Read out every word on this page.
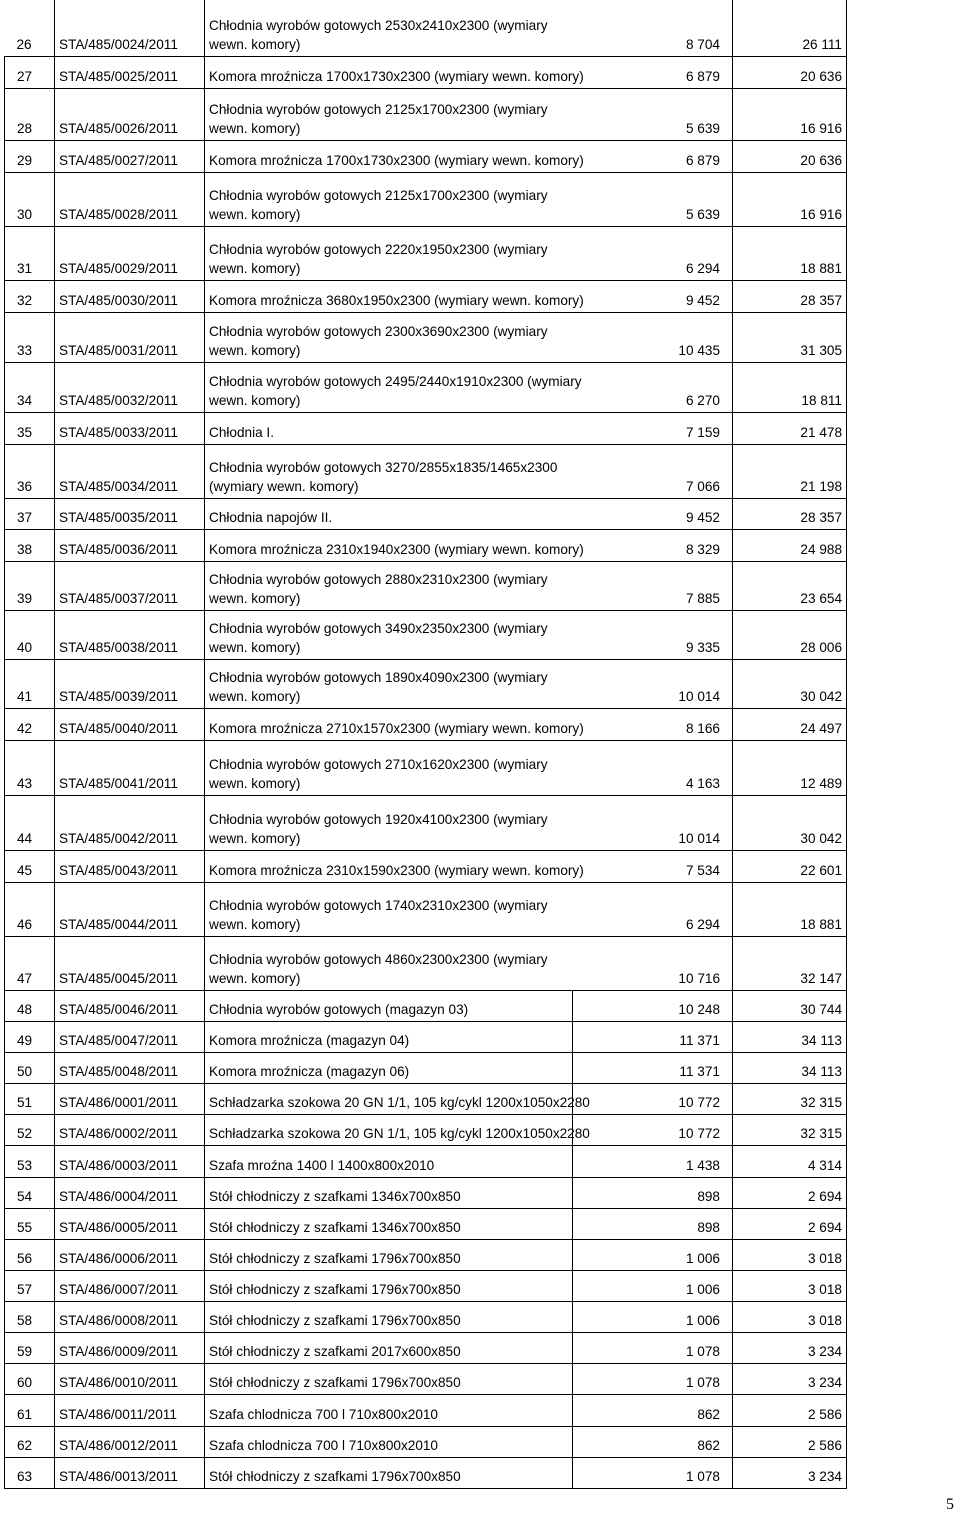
26	STA/485/0024/2011	Chłodnia wyrobów gotowych 2530x2410x2300 (wymiary wewn. komory) 8 704		26 111
27	STA/485/0025/2011	Komora mroźnicza 1700x1730x2300 (wymiary wewn. komory) 6 879		20 636
28	STA/485/0026/2011	Chłodnia wyrobów gotowych 2125x1700x2300 (wymiary wewn. komory) 5 639		16 916
29	STA/485/0027/2011	Komora mroźnicza 1700x1730x2300 (wymiary wewn. komory) 6 879		20 636
30	STA/485/0028/2011	Chłodnia wyrobów gotowych 2125x1700x2300 (wymiary wewn. komory) 5 639		16 916
31	STA/485/0029/2011	Chłodnia wyrobów gotowych 2220x1950x2300 (wymiary wewn. komory) 6 294		18 881
32	STA/485/0030/2011	Komora mroźnicza 3680x1950x2300 (wymiary wewn. komory) 9 452		28 357
33	STA/485/0031/2011	Chłodnia wyrobów gotowych 2300x3690x2300 (wymiary wewn. komory) 10 435		31 305
34	STA/485/0032/2011	Chłodnia wyrobów gotowych 2495/2440x1910x2300 (wymiary wewn. komory) 6 270		18 811
35	STA/485/0033/2011	Chłodnia I. 7 159		21 478
36	STA/485/0034/2011	Chłodnia wyrobów gotowych 3270/2855x1835/1465x2300 (wymiary wewn. komory) 7 066		21 198
37	STA/485/0035/2011	Chłodnia napojów II. 9 452		28 357
38	STA/485/0036/2011	Komora mroźnicza 2310x1940x2300 (wymiary wewn. komory) 8 329		24 988
39	STA/485/0037/2011	Chłodnia wyrobów gotowych 2880x2310x2300 (wymiary wewn. komory) 7 885		23 654
40	STA/485/0038/2011	Chłodnia wyrobów gotowych 3490x2350x2300 (wymiary wewn. komory) 9 335		28 006
41	STA/485/0039/2011	Chłodnia wyrobów gotowych 1890x4090x2300 (wymiary wewn. komory) 10 014		30 042
42	STA/485/0040/2011	Komora mroźnicza 2710x1570x2300 (wymiary wewn. komory) 8 166		24 497
43	STA/485/0041/2011	Chłodnia wyrobów gotowych 2710x1620x2300 (wymiary wewn. komory) 4 163		12 489
44	STA/485/0042/2011	Chłodnia wyrobów gotowych 1920x4100x2300 (wymiary wewn. komory) 10 014		30 042
45	STA/485/0043/2011	Komora mroźnicza 2310x1590x2300 (wymiary wewn. komory) 7 534		22 601
46	STA/485/0044/2011	Chłodnia wyrobów gotowych 1740x2310x2300 (wymiary wewn. komory) 6 294		18 881
47	STA/485/0045/2011	Chłodnia wyrobów gotowych 4860x2300x2300 (wymiary wewn. komory) 10 716		32 147
48	STA/485/0046/2011	Chłodnia wyrobów gotowych (magazyn 03)	10 248	30 744
49	STA/485/0047/2011	Komora mroźnicza (magazyn 04)	11 371	34 113
50	STA/485/0048/2011	Komora mroźnicza (magazyn 06)	11 371	34 113
51	STA/486/0001/2011	Schładzarka szokowa 20 GN 1/1, 105 kg/cykl 1200x1050x2280	10 772	32 315
52	STA/486/0002/2011	Schładzarka szokowa 20 GN 1/1, 105 kg/cykl 1200x1050x2280	10 772	32 315
53	STA/486/0003/2011	Szafa mroźna 1400 l 1400x800x2010	1 438	4 314
54	STA/486/0004/2011	Stół chłodniczy z szafkami 1346x700x850	898	2 694
55	STA/486/0005/2011	Stół chłodniczy z szafkami 1346x700x850	898	2 694
56	STA/486/0006/2011	Stół chłodniczy z szafkami 1796x700x850	1 006	3 018
57	STA/486/0007/2011	Stół chłodniczy z szafkami 1796x700x850	1 006	3 018
58	STA/486/0008/2011	Stół chłodniczy z szafkami 1796x700x850	1 006	3 018
59	STA/486/0009/2011	Stół chłodniczy z szafkami 2017x600x850	1 078	3 234
60	STA/486/0010/2011	Stół chłodniczy z szafkami 1796x700x850	1 078	3 234
61	STA/486/0011/2011	Szafa chlodnicza 700 l 710x800x2010	862	2 586
62	STA/486/0012/2011	Szafa chlodnicza 700 l 710x800x2010	862	2 586
63	STA/486/0013/2011	Stół chłodniczy z szafkami 1796x700x850	1 078	3 234
5
